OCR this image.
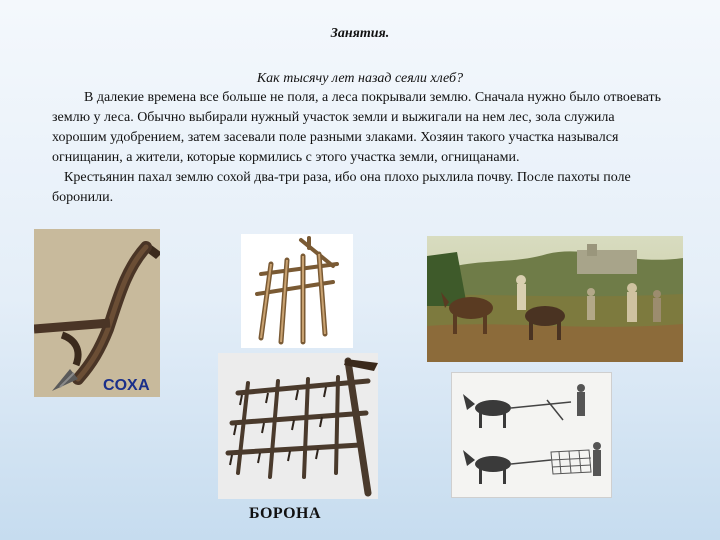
Занятия.
Как тысячу лет назад сеяли хлеб?

В далекие времена все больше не поля, а леса покрывали землю. Сначала нужно было отвоевать землю у леса. Обычно выбирали нужный участок земли и выжигали на нем лес, зола служила хорошим удобрением, затем засевали поле разными злаками. Хозяин такого участка назывался огнищанин, а жители, которые кормились с этого участка земли, огнищанами.

Крестьянин пахал землю сохой два-три раза, ибо она плохо рыхлила почву. После пахоты поле боронили.

СОХА
БОРОНА
